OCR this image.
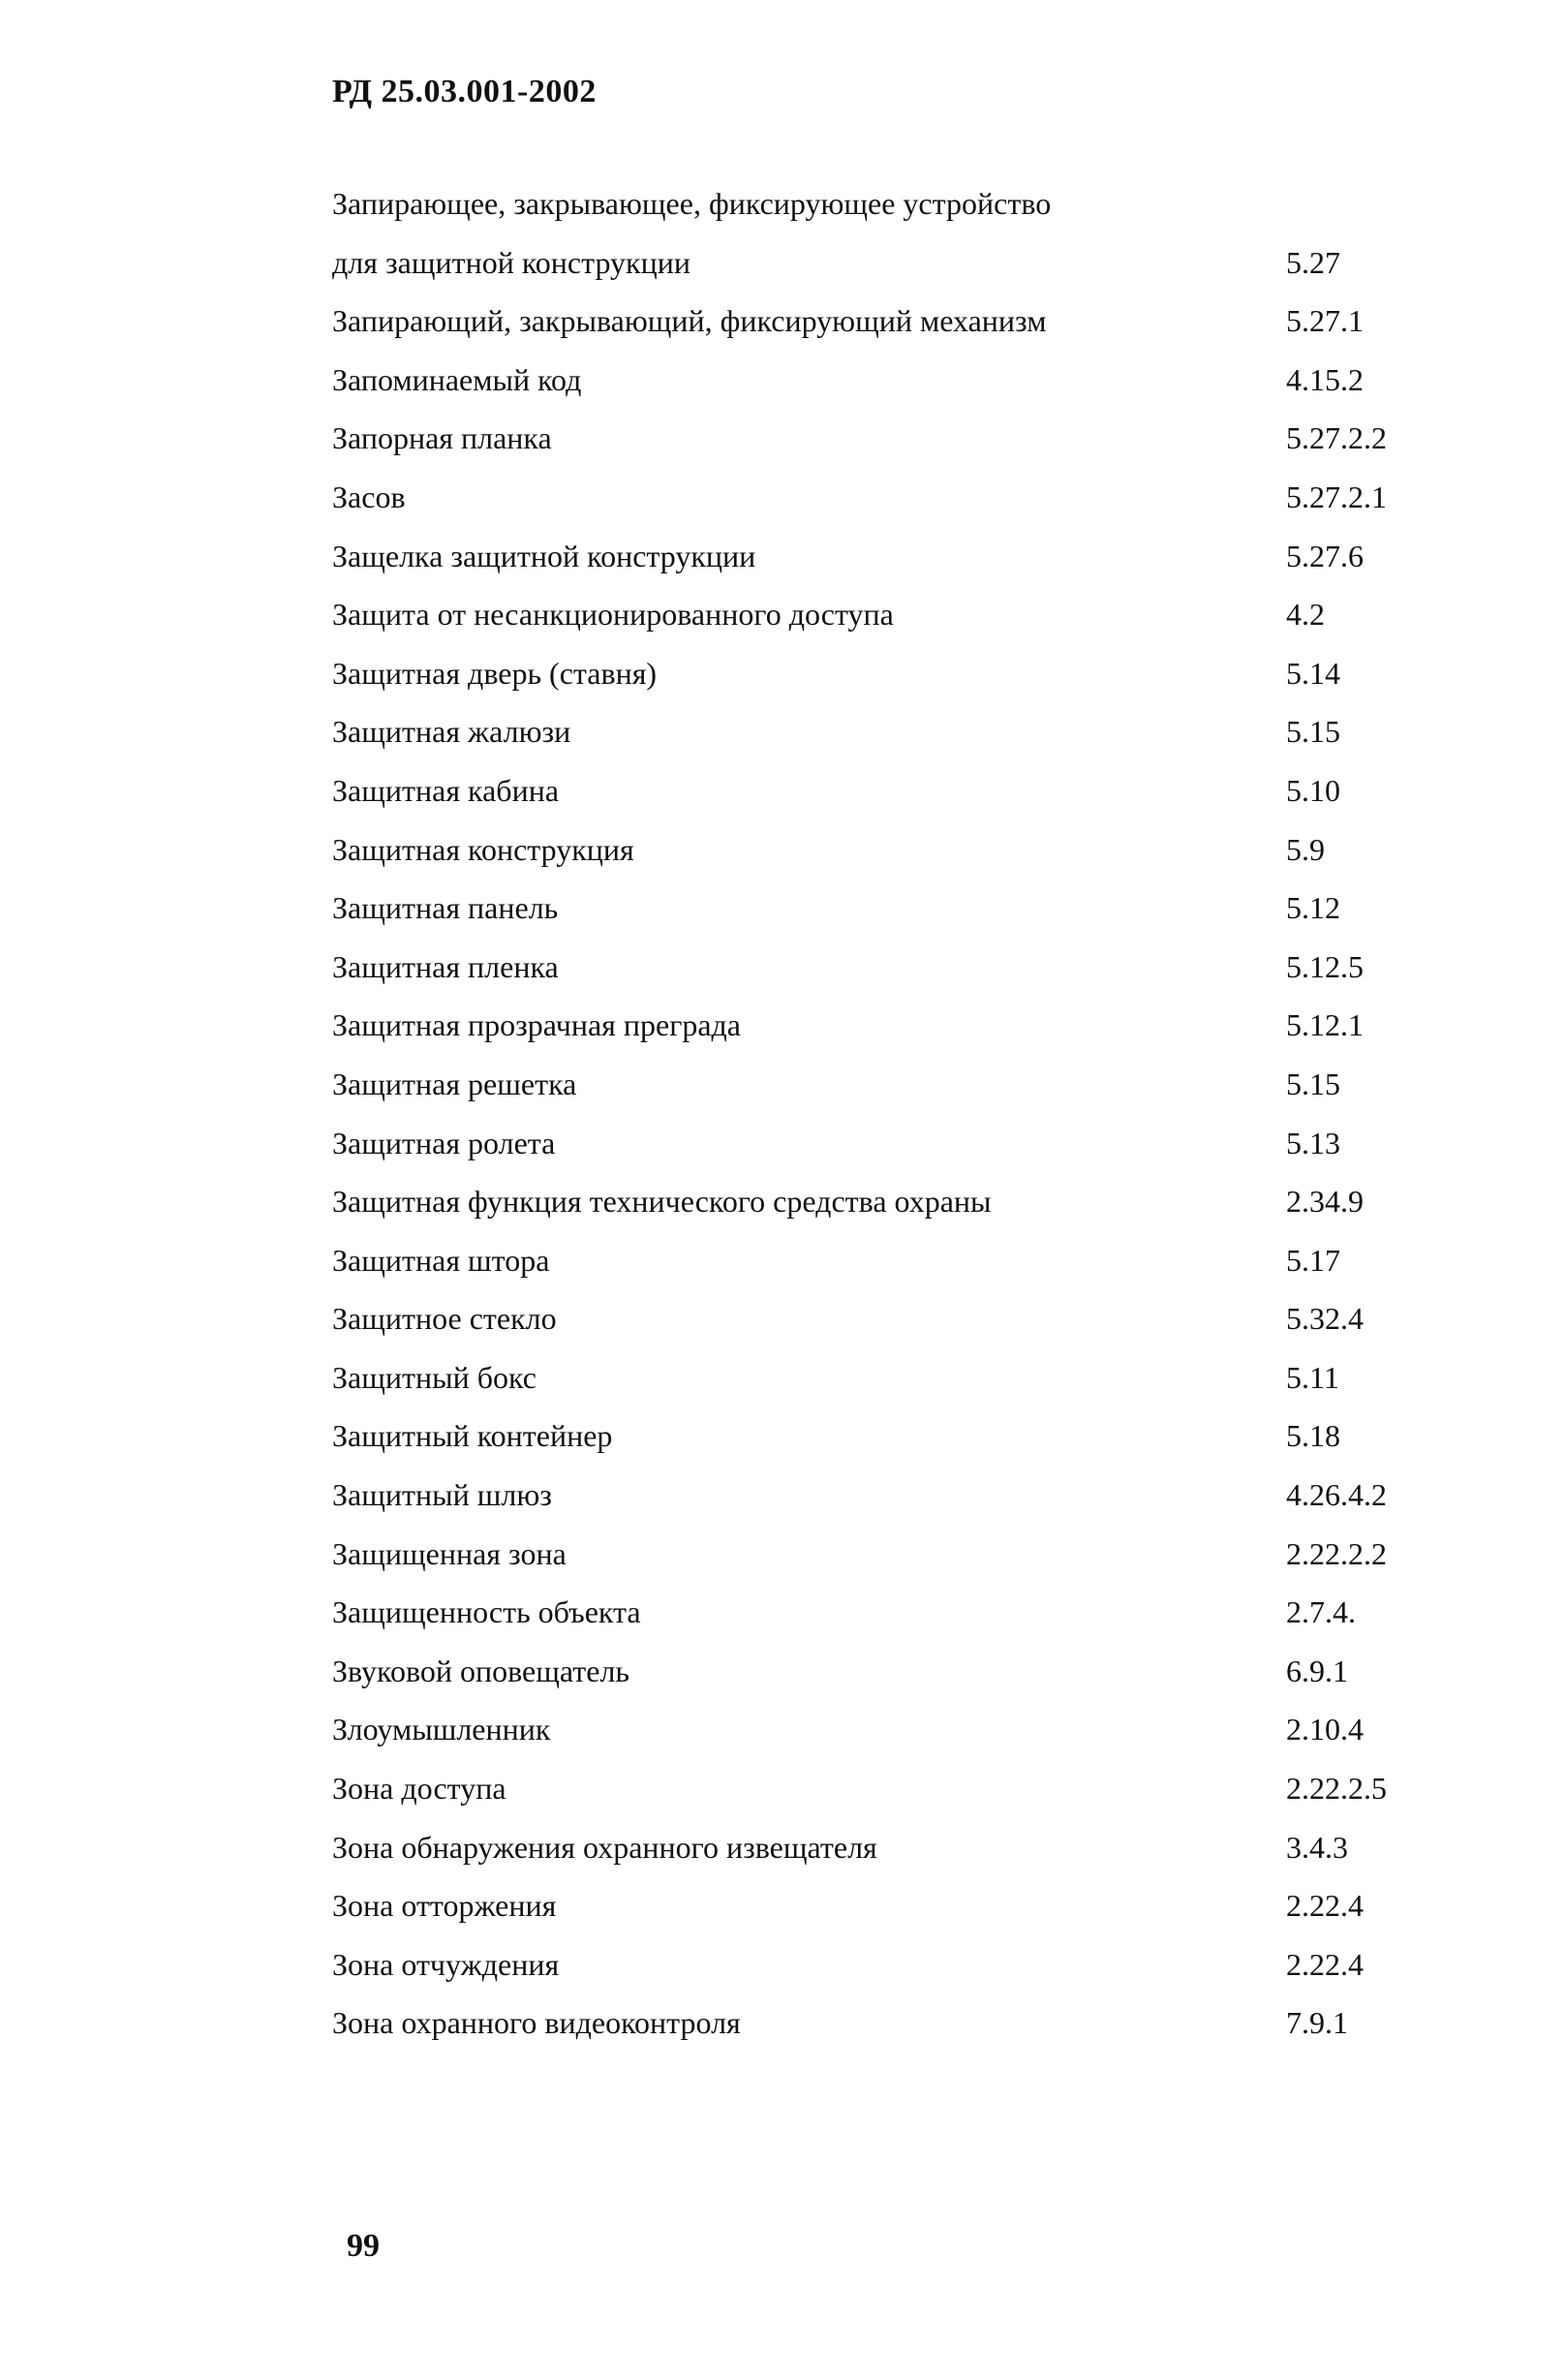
РД 25.03.001-2002
Запирающее, закрывающее, фиксирующее устройство
для защитной конструкции	5.27
Запирающий, закрывающий, фиксирующий механизм	5.27.1
Запоминаемый код	4.15.2
Запорная планка	5.27.2.2
Засов	5.27.2.1
Защелка защитной конструкции	5.27.6
Защита от несанкционированного доступа	4.2
Защитная дверь (ставня)	5.14
Защитная жалюзи	5.15
Защитная кабина	5.10
Защитная конструкция	5.9
Защитная панель	5.12
Защитная пленка	5.12.5
Защитная прозрачная преграда	5.12.1
Защитная решетка	5.15
Защитная ролета	5.13
Защитная функция технического средства охраны	2.34.9
Защитная штора	5.17
Защитное стекло	5.32.4
Защитный бокс	5.11
Защитный контейнер	5.18
Защитный шлюз	4.26.4.2
Защищенная зона	2.22.2.2
Защищенность объекта	2.7.4.
Звуковой оповещатель	6.9.1
Злоумышленник	2.10.4
Зона доступа	2.22.2.5
Зона обнаружения охранного извещателя	3.4.3
Зона отторжения	2.22.4
Зона отчуждения	2.22.4
Зона охранного видеоконтроля	7.9.1
99
